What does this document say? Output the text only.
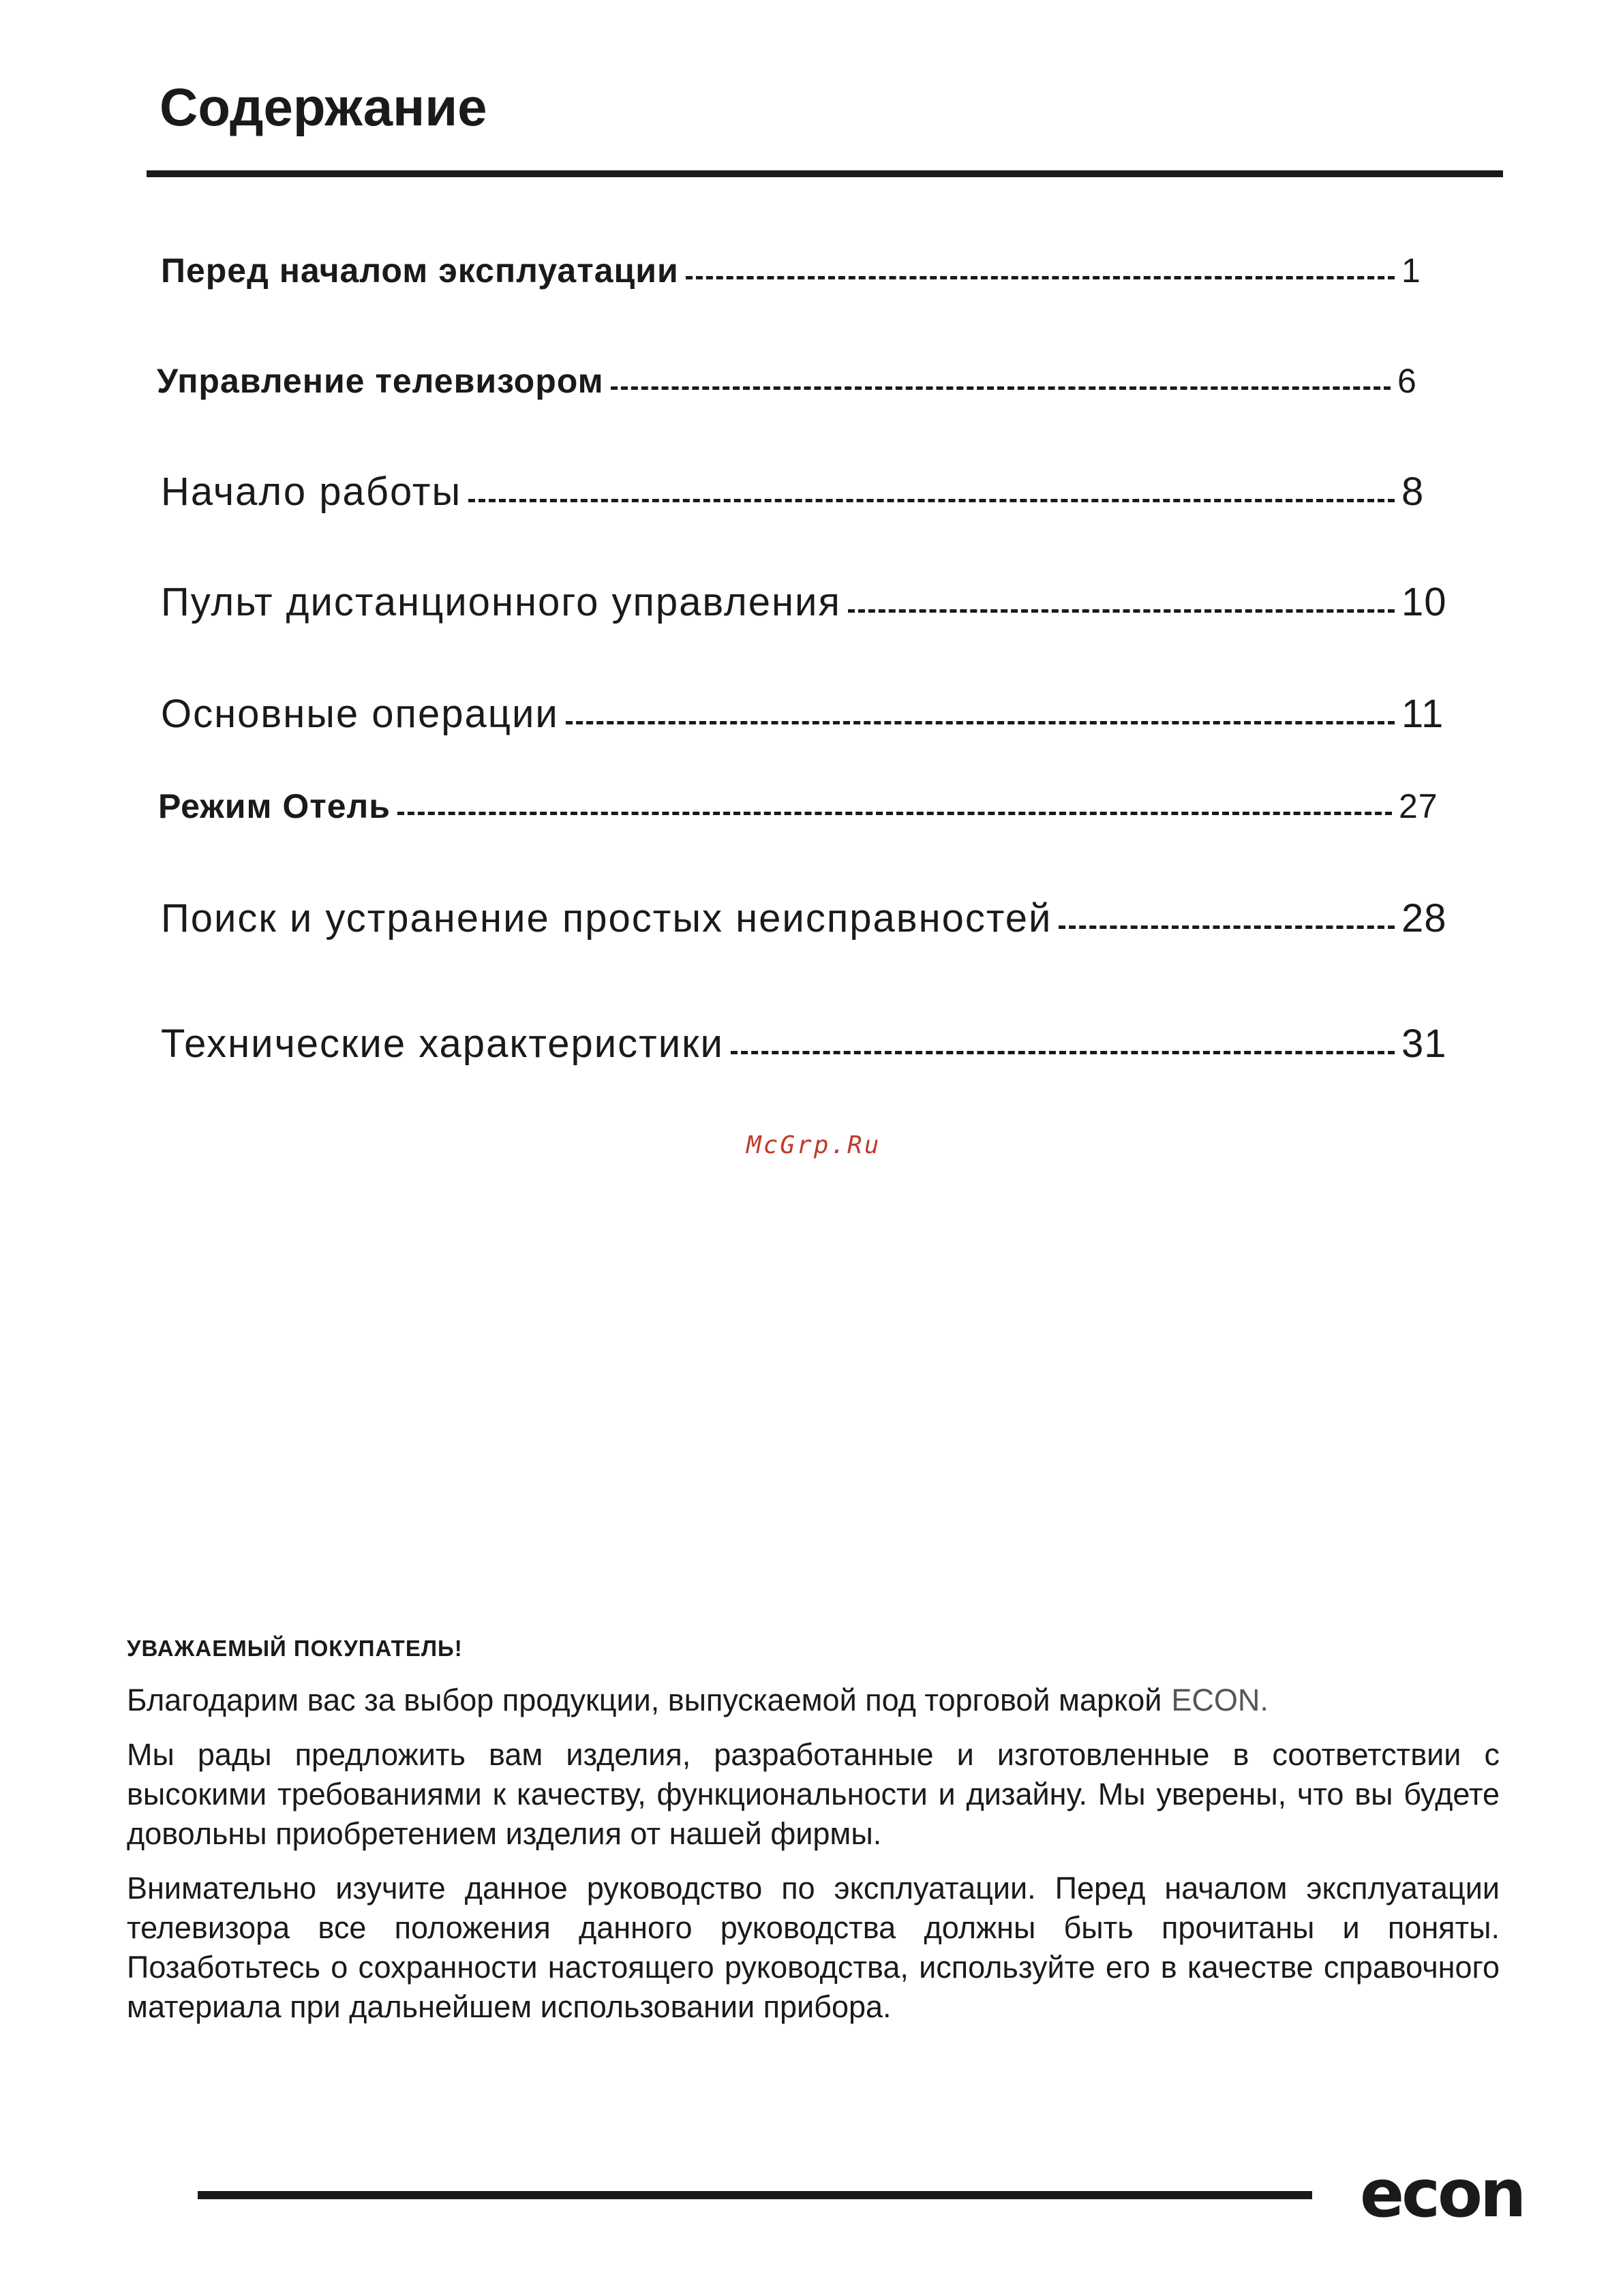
Содержание
Перед началом эксплуатации	1
Управление телевизором	6
Начало работы	8
Пульт дистанционного управления	10
Основные операции	11
Режим Отель	27
Поиск и устранение простых неисправностей	28
Технические характеристики	31
McGrp.Ru
УВАЖАЕМЫЙ ПОКУПАТЕЛЬ!

Благодарим вас за выбор продукции, выпускаемой под торговой маркой ECON.

Мы рады предложить вам изделия, разработанные и изготовленные в соответствии с высокими требованиями к качеству, функциональности и дизайну. Мы уверены, что вы будете довольны приобретением изделия от нашей фирмы.

Внимательно изучите данное руководство по эксплуатации. Перед началом эксплуатации телевизора все положения данного руководства должны быть прочитаны и поняты. Позаботьтесь о сохранности настоящего руководства, используйте его в качестве справочного материала при дальнейшем использовании прибора.

econ
